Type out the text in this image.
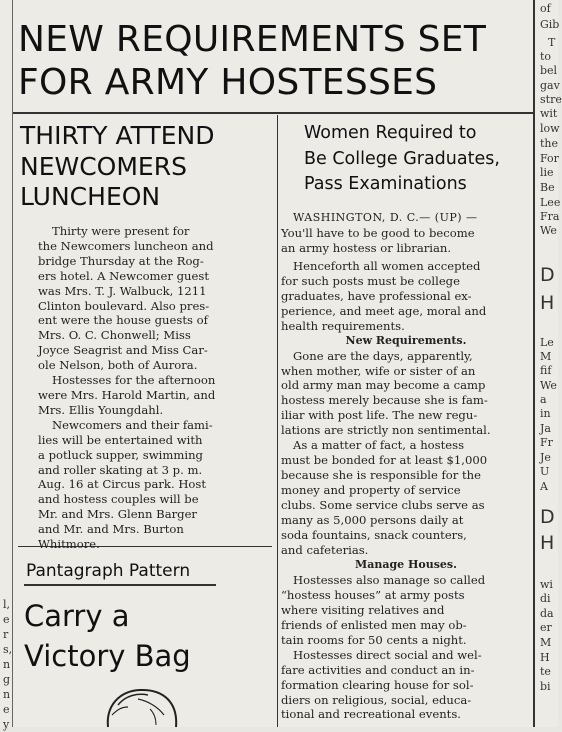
NEW REQUIREMENTS SET
FOR ARMY HOSTESSES
THIRTY ATTEND
NEWCOMERS
LUNCHEON
Thirty were present for
the Newcomers luncheon and
bridge Thursday at the Rog-
ers hotel. A Newcomer guest
was Mrs. T. J. Walbuck, 1211
Clinton boulevard. Also pres-
ent were the house guests of
Mrs. O. C. Chonwell; Miss
Joyce Seagrist and Miss Car-
ole Nelson, both of Aurora.
Hostesses for the afternoon
were Mrs. Harold Martin, and
Mrs. Ellis Youngdahl.
Newcomers and their fami-
lies will be entertained with
a potluck supper, swimming
and roller skating at 3 p. m.
Aug. 16 at Circus park. Host
and hostess couples will be
Mr. and Mrs. Glenn Barger
and Mr. and Mrs. Burton
Whitmore.
Pantagraph Pattern
Carry a
Victory Bag
Women Required to
Be College Graduates,
Pass Examinations
WASHINGTON, D. C.— (UP) —
You'll have to be good to become
an army hostess or librarian.
Henceforth all women accepted
for such posts must be college
graduates, have professional ex-
perience, and meet age, moral and
health requirements.
New Requirements.
Gone are the days, apparently,
when mother, wife or sister of an
old army man may become a camp
hostess merely because she is fam-
iliar with post life. The new regu-
lations are strictly non sentimental.
As a matter of fact, a hostess
must be bonded for at least $1,000
because she is responsible for the
money and property of service
clubs. Some service clubs serve as
many as 5,000 persons daily at
soda fountains, snack counters,
and cafeterias.
Manage Houses.
Hostesses also manage so called
“hostess houses” at army posts
where visiting relatives and
friends of enlisted men may ob-
tain rooms for 50 cents a night.
Hostesses direct social and wel-
fare activities and conduct an in-
formation clearing house for sol-
diers on religious, social, educa-
tional and recreational events.
l,
e
r
s,
n
g
n
e
y
of
Gib
T
to
bel
gav
stre
wit
low
the
For
lie
Be
Lee
Fra
We
D
H
Le
M
fif
We
a
in
Ja
Fr
Je
U
A
D
H
wi
di
da
er
M
H
te
bi
